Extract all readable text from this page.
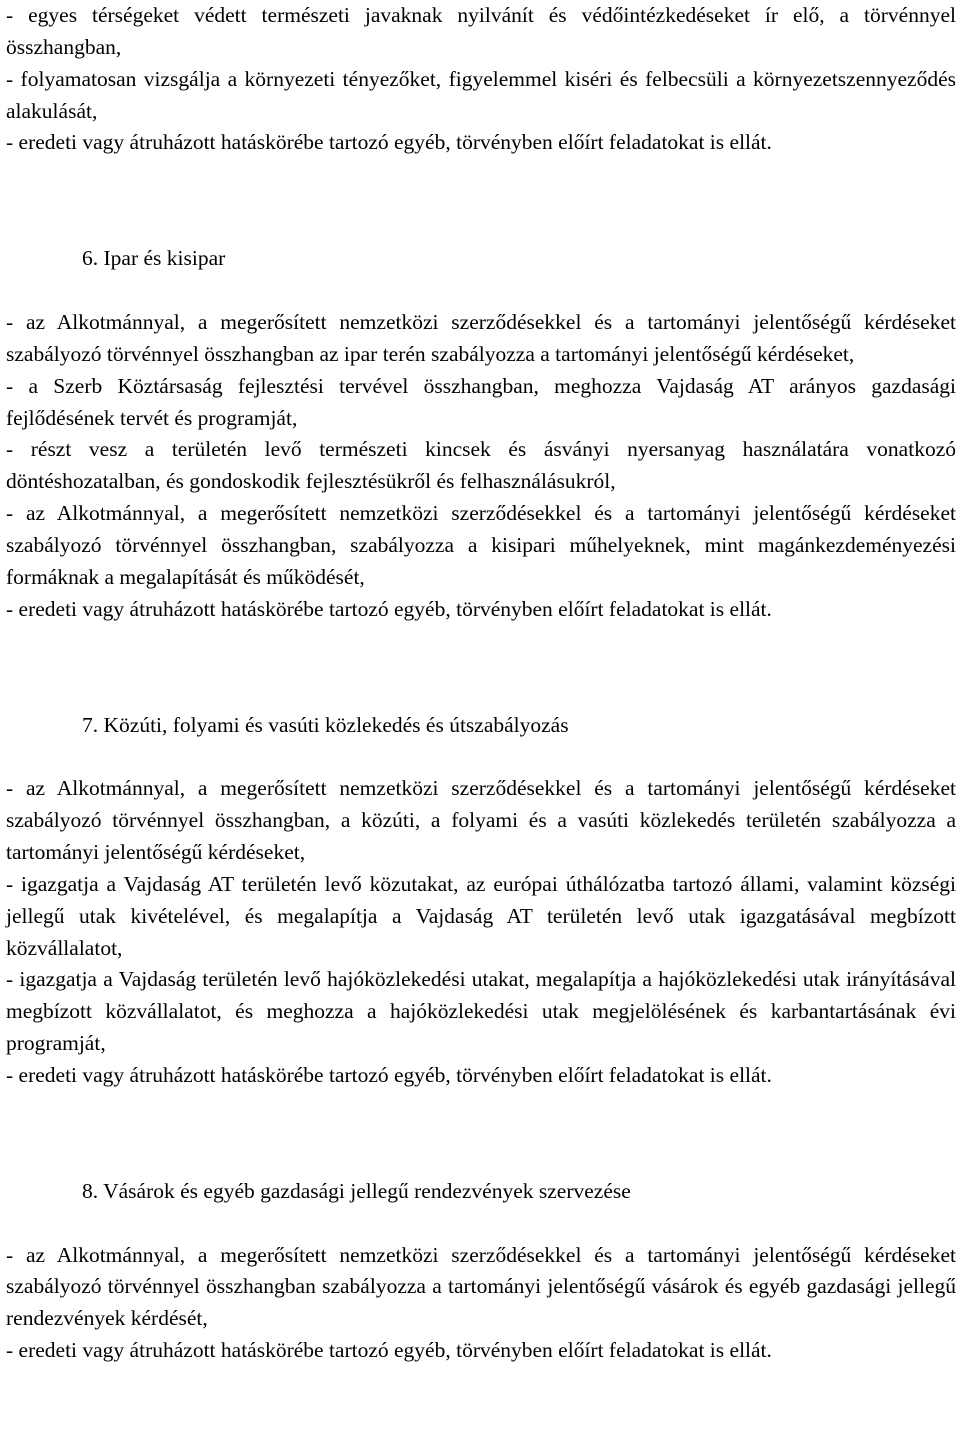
- egyes térségeket védett természeti javaknak nyilvánít és védőintézkedéseket ír elő, a törvénnyel összhangban,

- folyamatosan vizsgálja a környezeti tényezőket, figyelemmel kiséri és felbecsüli a környezetszennyeződés alakulását,

- eredeti vagy átruházott hatáskörébe tartozó egyéb, törvényben előírt feladatokat is ellát.

6. Ipar és kisipar

- az Alkotmánnyal, a megerősített nemzetközi szerződésekkel és a tartományi jelentőségű kérdéseket szabályozó törvénnyel összhangban az ipar terén szabályozza a tartományi jelentőségű kérdéseket,

- a Szerb Köztársaság fejlesztési tervével összhangban, meghozza Vajdaság AT arányos gazdasági fejlődésének tervét és programját,

- részt vesz a területén levő természeti kincsek és ásványi nyersanyag használatára vonatkozó döntéshozatalban, és gondoskodik fejlesztésükről és felhasználásukról,

- az Alkotmánnyal, a megerősített nemzetközi szerződésekkel és a tartományi jelentőségű kérdéseket szabályozó törvénnyel összhangban, szabályozza a kisipari műhelyeknek, mint magánkezdeményezési formáknak a megalapítását és működését,

- eredeti vagy átruházott hatáskörébe tartozó egyéb, törvényben előírt feladatokat is ellát.

7. Közúti, folyami és vasúti közlekedés és útszabályozás

- az Alkotmánnyal, a megerősített nemzetközi szerződésekkel és a tartományi jelentőségű kérdéseket szabályozó törvénnyel összhangban, a közúti, a folyami és a vasúti közlekedés területén szabályozza a tartományi jelentőségű kérdéseket,

- igazgatja a Vajdaság AT területén levő közutakat, az európai úthálózatba tartozó állami, valamint községi jellegű utak kivételével, és megalapítja a Vajdaság AT területén levő utak igazgatásával megbízott közvállalatot,

- igazgatja a Vajdaság területén levő hajóközlekedési utakat, megalapítja a hajóközlekedési utak irányításával megbízott közvállalatot, és meghozza a hajóközlekedési utak megjelölésének és karbantartásának évi programját,

- eredeti vagy átruházott hatáskörébe tartozó egyéb, törvényben előírt feladatokat is ellát.

8. Vásárok és egyéb gazdasági jellegű rendezvények szervezése

- az Alkotmánnyal, a megerősített nemzetközi szerződésekkel és a tartományi jelentőségű kérdéseket szabályozó törvénnyel összhangban szabályozza a tartományi jelentőségű vásárok és egyéb gazdasági jellegű rendezvények kérdését,

- eredeti vagy átruházott hatáskörébe tartozó egyéb, törvényben előírt feladatokat is ellát.
